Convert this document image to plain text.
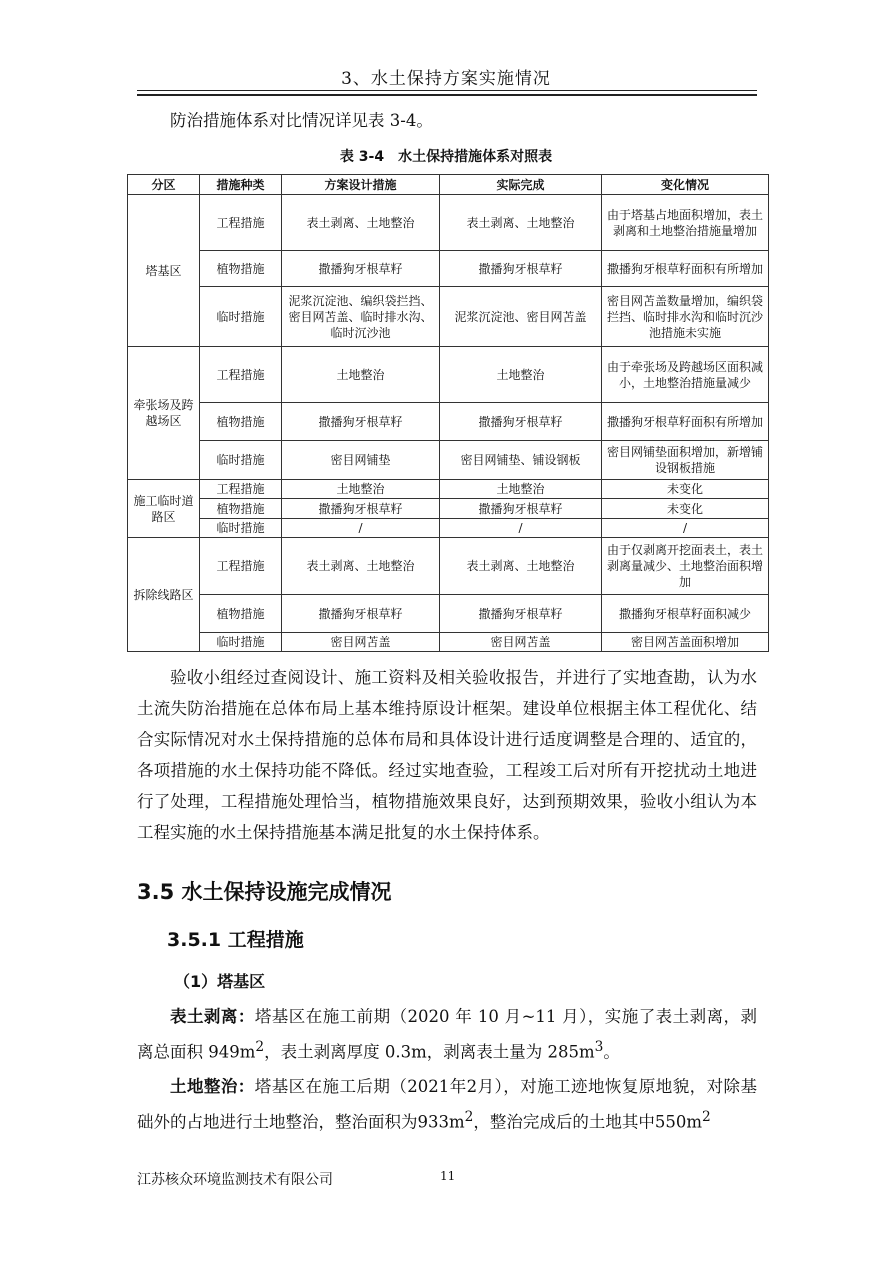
3、水土保持方案实施情况
防治措施体系对比情况详见表 3-4。
表 3-4　水土保持措施体系对照表
分区	措施种类	方案设计措施	实际完成	变化情况
塔基区	工程措施	表土剥离、土地整治	表土剥离、土地整治	由于塔基占地面积增加，表土剥离和土地整治措施量增加
	植物措施	撒播狗牙根草籽	撒播狗牙根草籽	撒播狗牙根草籽面积有所增加
	临时措施	泥浆沉淀池、编织袋拦挡、密目网苫盖、临时排水沟、临时沉沙池	泥浆沉淀池、密目网苫盖	密目网苫盖数量增加，编织袋拦挡、临时排水沟和临时沉沙池措施未实施
牵张场及跨越场区	工程措施	土地整治	土地整治	由于牵张场及跨越场区面积减小，土地整治措施量减少
	植物措施	撒播狗牙根草籽	撒播狗牙根草籽	撒播狗牙根草籽面积有所增加
	临时措施	密目网铺垫	密目网铺垫、铺设钢板	密目网铺垫面积增加，新增铺设钢板措施
施工临时道路区	工程措施	土地整治	土地整治	未变化
	植物措施	撒播狗牙根草籽	撒播狗牙根草籽	未变化
	临时措施	/	/	/
拆除线路区	工程措施	表土剥离、土地整治	表土剥离、土地整治	由于仅剥离开挖面表土，表土剥离量减少、土地整治面积增加
	植物措施	撒播狗牙根草籽	撒播狗牙根草籽	撒播狗牙根草籽面积减少
	临时措施	密目网苫盖	密目网苫盖	密目网苫盖面积增加
验收小组经过查阅设计、施工资料及相关验收报告，并进行了实地查勘，认为水土流失防治措施在总体布局上基本维持原设计框架。建设单位根据主体工程优化、结合实际情况对水土保持措施的总体布局和具体设计进行适度调整是合理的、适宜的，各项措施的水土保持功能不降低。经过实地查验，工程竣工后对所有开挖扰动土地进行了处理，工程措施处理恰当，植物措施效果良好，达到预期效果，验收小组认为本工程实施的水土保持措施基本满足批复的水土保持体系。
3.5 水土保持设施完成情况
3.5.1 工程措施
（1）塔基区
表土剥离：塔基区在施工前期（2020 年 10 月~11 月），实施了表土剥离，剥离总面积 $949m^2$，表土剥离厚度 0.3m，剥离表土量为 $285m^3$。
土地整治：塔基区在施工后期（2021年2月），对施工迹地恢复原地貌，对除基础外的占地进行土地整治，整治面积为$933m^2$，整治完成后的土地其中$550m^2$
江苏核众环境监测技术有限公司	11
